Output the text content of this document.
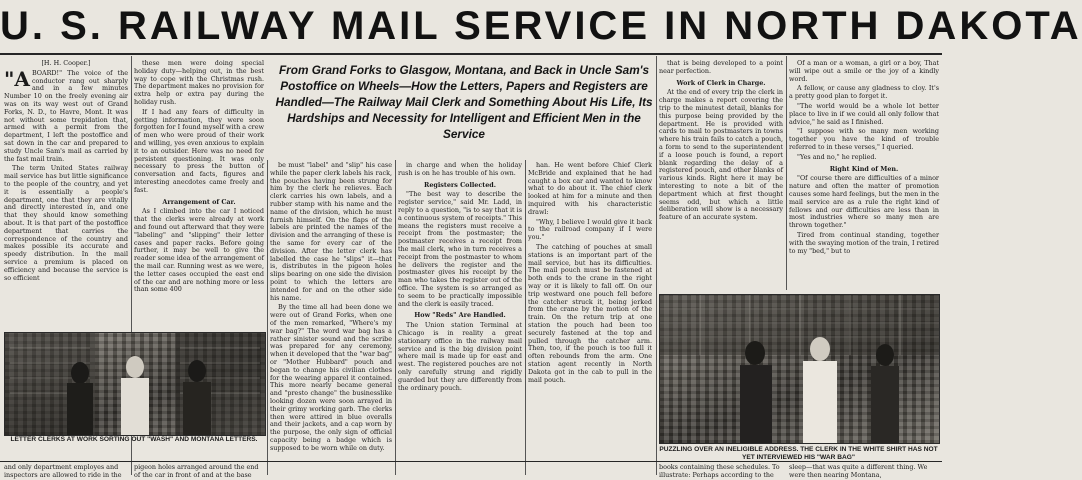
U. S. RAILWAY MAIL SERVICE IN NORTH DAKOTA
[H. H. Cooper.]
"A BOARD!" The voice of the conductor rang out sharply and in a few minutes Number 10 on the freely evening air was on its way west out of Grand Forks, N. D., to Havre, Mont. It was not without some trepidation that, armed with a permit from the department, I left the postoffice and sat down in the car and prepared to study Uncle Sam's mail as carried by the fast mail train.

The term United States railway mail service has but little significance to the people of the country, and yet it is essentially a people's department, one that they are vitally and directly interested in, and one that they should know something about. It is that part of the postoffice department that carries the correspondence of the country and makes possible its accurate and speedy distribution. In the mail service a premium is placed on efficiency and because the service is so efficient

these men were doing special holiday duty—helping out, in the best way to cope with the Christmas rush. The department makes no provision for extra help or extra pay during the holiday rush.

If I had any fears of difficulty in getting information, they were soon forgotten for I found myself with a crew of men who were proud of their work and willing, yes even anxious to explain it to an outsider. Here was no need for persistent questioning. It was only necessary to press the button of conversation and facts, figures and interesting anecdotes came freely and fast.

Arrangement of Car.

As I climbed into the car I noticed that the clerks were already at work and found out afterward that they were "labeling" and "slipping" their letter cases and paper racks. Before going further, it may be well to give the reader some idea of the arrangement of the mail car. Running west as we were, the letter cases occupied the east end of the car and are nothing more or less than some 400

From Grand Forks to Glasgow, Montana, and Back in Uncle Sam's Postoffice on Wheels—How the Letters, Papers and Registers are Handled—The Railway Mail Clerk and Something About His Life, Its Hardships and Necessity for Intelligent and Efficient Men in the Service

be must "label" and "slip" his case while the paper clerk labels his rack, the pouches having been strung for him by the clerk he relieves. Each clerk carries his own labels, and a rubber stamp with his name and the name of the division, which he must furnish himself. On the flaps of the labels are printed the names of the division and the arranging of these is the same for every car of the division. After the letter clerk has labelled the case he "slips" it—that is, distributes in the pigeon holes slips bearing on one side the division point to which the letters are intended for and on the other side his name.

By the time all had been done we were out of Grand Forks, when one of the men remarked, "Where's my war bag?" The word war bag has a rather sinister sound and the scribe was prepared for any ceremony, when it developed that the "war bag" or "Mother Hubbard" pouch and began to change his civilian clothes for the wearing apparel it contained. This more nearly became general and "presto change" the businesslike looking dozen were soon arrayed in their grimy working garb. The clerks then were attired in blue overalls and their jackets, and a cap worn by the purpose, the only sign of official capacity being a badge which is supposed to be worn while on duty.

in charge and when the holiday rush is on he has trouble of his own.

Registers Collected.

"The best way to describe the register service," said Mr. Ladd, in reply to a question, "is to say that it is a continuous system of receipts." This means the registers must receive a receipt from the postmaster; the postmaster receives a receipt from the mail clerk, who in turn receives a receipt from the postmaster to whom he delivers the register and the postmaster gives his receipt by the man who takes the register out of the office. The system is so arranged as to seem to be practically impossible and the clerk is easily traced.

How "Reds" Are Handled.

The Union station Terminal at Chicago is in reality a great stationary office in the railway mail service and is the big division point where mail is made up for east and west. The registered pouches are not only carefully strung and rigidly guarded but they are differently from the ordinary pouch.

han. He went before Chief Clerk McBride and explained that he had caught a box car and wanted to know what to do about it. The chief clerk looked at him for a minute and then inquired with his characteristic drawl:

"Why, I believe I would give it back to the railroad company if I were you."

The catching of pouches at small stations is an important part of the mail service, but has its difficulties. The mail pouch must be fastened at both ends to the crane in the right way or it is likely to fall off. On our trip westward one pouch fell before the catcher struck it, being jerked from the crane by the motion of the train. On the return trip at one station the pouch had been too securely fastened at the top and pulled through the catcher arm. Then, too, if the pouch is too full it often rebounds from the arm. One station agent recently in North Dakota got in the cab to pull in the mail pouch.

that is being developed to a point near perfection.

Work of Clerk in Charge.

At the end of every trip the clerk in charge makes a report covering the trip to the minutest detail, blanks for this purpose being provided by the department. He is provided with cards to mail to postmasters in towns where his train fails to catch a pouch, a form to send to the superintendent if a loose pouch is found, a report blank regarding the delay of a registered pouch, and other blanks of various kinds. Right here it may be interesting to note a bit of the department which at first thought seems odd, but which a little deliberation will show is a necessary feature of an accurate system.

Of a man or a woman, a girl or a boy, That will wipe out a smile or the joy of a kindly word.

A fellow, or cause any gladness to cloy. It's a pretty good plan to forget it.

"The world would be a whole lot better place to live in if we could all only follow that advice," he said as I finished.

"I suppose with so many men working together you have the kind of trouble referred to in these verses," I queried.

"Yes and no," he replied.

Right Kind of Men.

"Of course there are difficulties of a minor nature and often the matter of promotion causes some hard feelings, but the men in the mail service are as a rule the right kind of fellows and our difficulties are less than in most industries where so many men are thrown together."

Tired from continual standing, together with the swaying motion of the train, I retired to my "bed," but to

LETTER CLERKS AT WORK SORTING OUT "WASH" AND MONTANA LETTERS.
PUZZLING OVER AN INELIGIBLE ADDRESS. THE CLERK IN THE WHITE SHIRT HAS NOT YET INTERVIEWED HIS "WAR BAG"
and only department employes and inspectors are allowed to ride in the
pigeon holes arranged around the end of the car in front of and at the base
books containing these schedules. To illustrate: Perhaps according to the
sleep—that was quite a different thing. We were then nearing Montana,
